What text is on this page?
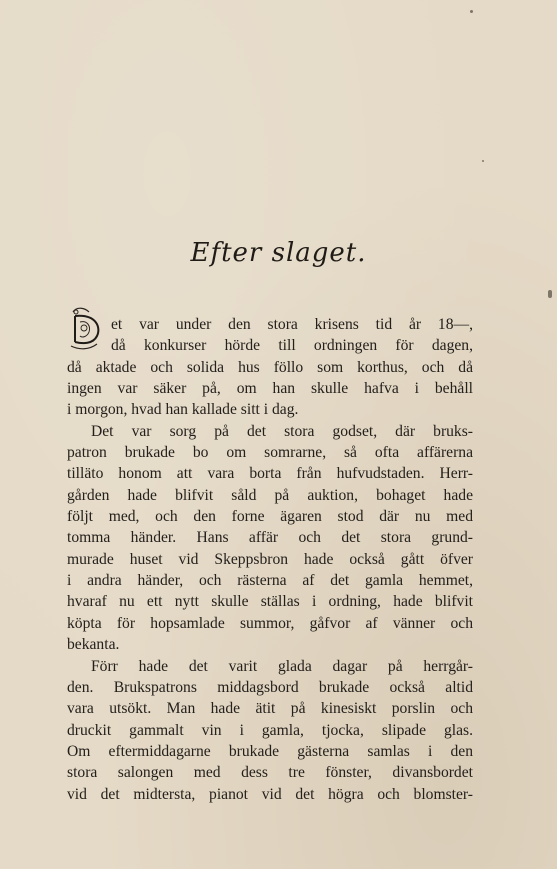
Efter slaget.
et var under den stora krisens tid år 18—,
då konkurser hörde till ordningen för dagen,
då aktade och solida hus föllo som korthus, och då
ingen var säker på, om han skulle hafva i behåll
i morgon, hvad han kallade sitt i dag.
Det var sorg på det stora godset, där bruks-
patron brukade bo om somrarne, så ofta affärerna
tilläto honom att vara borta från hufvudstaden. Herr-
gården hade blifvit såld på auktion, bohaget hade
följt med, och den forne ägaren stod där nu med
tomma händer. Hans affär och det stora grund-
murade huset vid Skeppsbron hade också gått öfver
i andra händer, och rästerna af det gamla hemmet,
hvaraf nu ett nytt skulle ställas i ordning, hade blifvit
köpta för hopsamlade summor, gåfvor af vänner och
bekanta.
Förr hade det varit glada dagar på herrgår-
den. Brukspatrons middagsbord brukade också altid
vara utsökt. Man hade ätit på kinesiskt porslin och
druckit gammalt vin i gamla, tjocka, slipade glas.
Om eftermiddagarne brukade gästerna samlas i den
stora salongen med dess tre fönster, divansbordet
vid det midtersta, pianot vid det högra och blomster-
